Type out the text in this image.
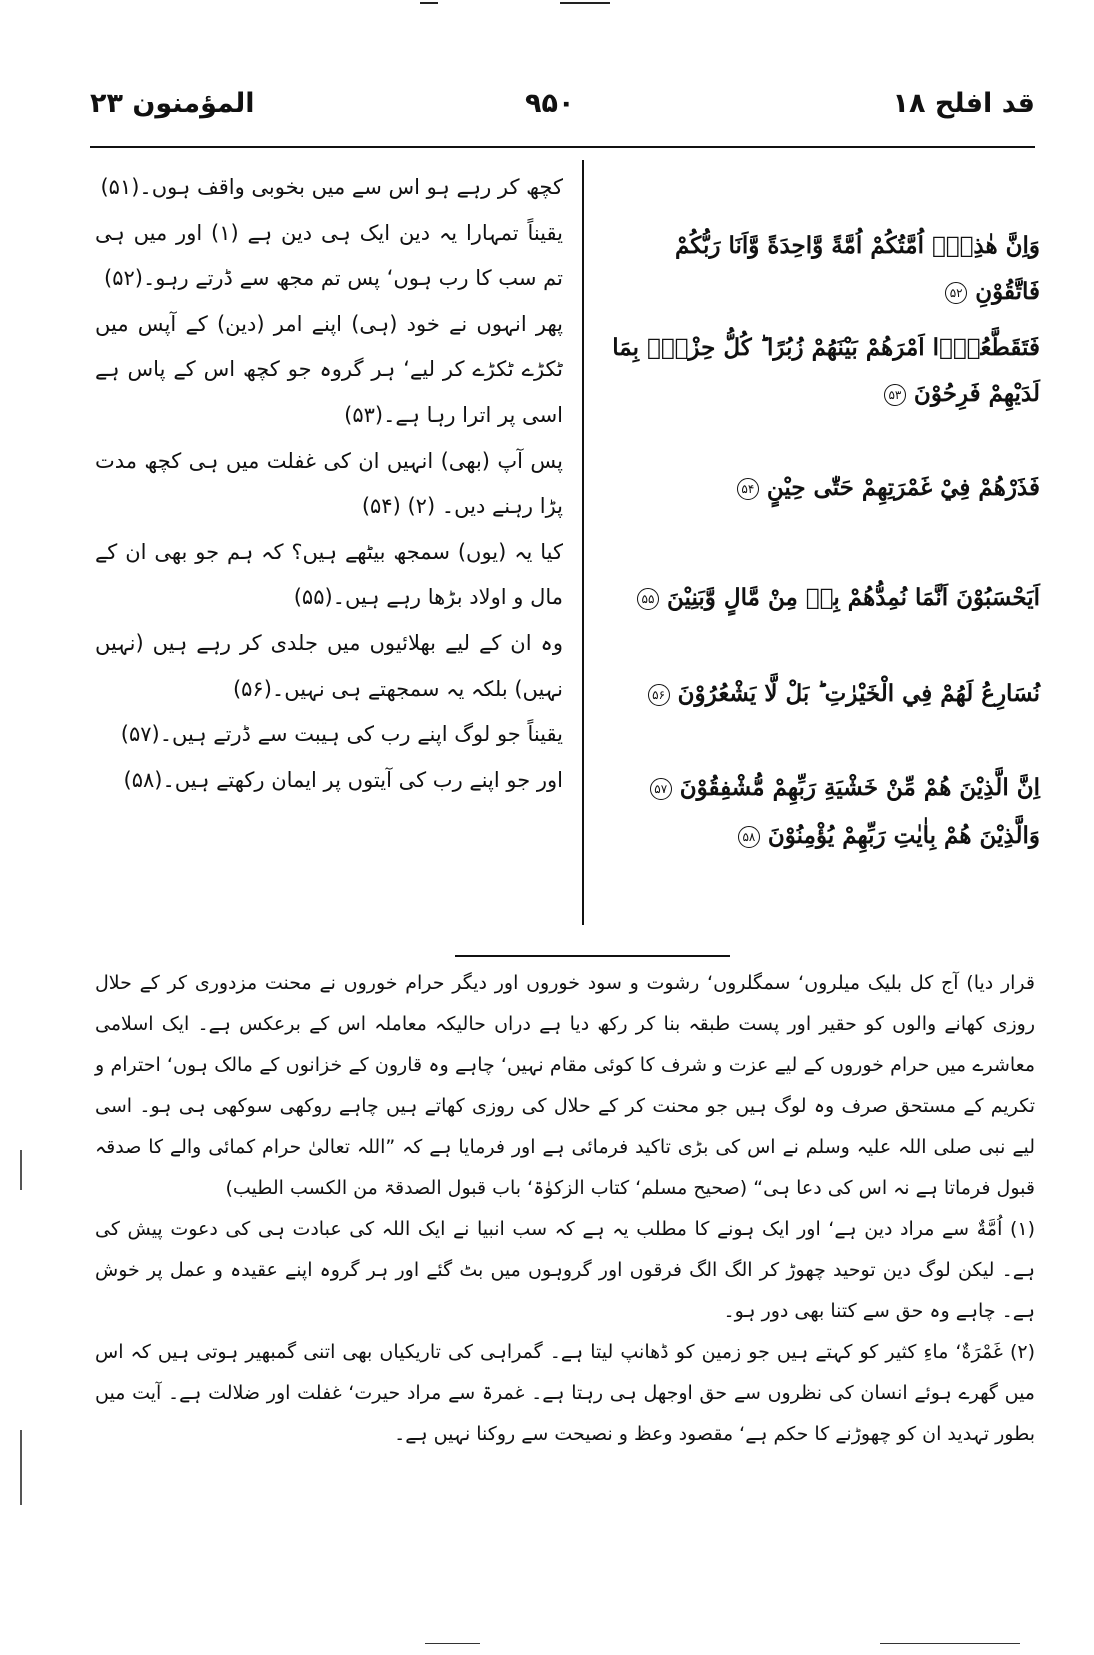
المؤمنون ۲۳	۹۵۰	قد افلح ۱۸

کچھ کر رہے ہو اس سے میں بخوبی واقف ہوں۔(۵۱)

یقیناً تمہارا یہ دین ایک ہی دین ہے (۱) اور میں ہی تم سب کا رب ہوں‘ پس تم مجھ سے ڈرتے رہو۔(۵۲)

پھر انہوں نے خود (ہی) اپنے امر (دین) کے آپس میں ٹکڑے ٹکڑے کر لیے‘ ہر گروہ جو کچھ اس کے پاس ہے اسی پر اترا رہا ہے۔(۵۳)

پس آپ (بھی) انہیں ان کی غفلت میں ہی کچھ مدت پڑا رہنے دیں۔ (۲) (۵۴)

کیا یہ (یوں) سمجھ بیٹھے ہیں؟ کہ ہم جو بھی ان کے مال و اولاد بڑھا رہے ہیں۔(۵۵)

وہ ان کے لیے بھلائیوں میں جلدی کر رہے ہیں (نہیں نہیں) بلکہ یہ سمجھتے ہی نہیں۔(۵۶)

یقیناً جو لوگ اپنے رب کی ہیبت سے ڈرتے ہیں۔(۵۷)

اور جو اپنے رب کی آیتوں پر ایمان رکھتے ہیں۔(۵۸)

وَاِنَّ هٰذِهٖۤ اُمَّتُكُمْ اُمَّةً وَّاحِدَةً وَّاَنَا رَبُّكُمْ فَاتَّقُوْنِ۵۲
فَتَقَطَّعُوْۤا اَمْرَهُمْ بَيْنَهُمْ زُبُرًا ؕ كُلُّ حِزْبٍۭ بِمَا لَدَيْهِمْ فَرِحُوْنَ۵۳
فَذَرْهُمْ فِيْ غَمْرَتِهِمْ حَتّٰى حِيْنٍ۵۴
اَيَحْسَبُوْنَ اَنَّمَا نُمِدُّهُمْ بِهٖ مِنْ مَّالٍ وَّبَنِيْنَ۵۵
نُسَارِعُ لَهُمْ فِي الْخَيْرٰتِ ؕ بَلْ لَّا يَشْعُرُوْنَ۵۶
اِنَّ الَّذِيْنَ هُمْ مِّنْ خَشْيَةِ رَبِّهِمْ مُّشْفِقُوْنَ۵۷
وَالَّذِيْنَ هُمْ بِاٰيٰتِ رَبِّهِمْ يُؤْمِنُوْنَ۵۸

قرار دیا) آج کل بلیک میلروں‘ سمگلروں‘ رشوت و سود خوروں اور دیگر حرام خوروں نے محنت مزدوری کر کے حلال روزی کھانے والوں کو حقیر اور پست طبقہ بنا کر رکھ دیا ہے دراں حالیکہ معاملہ اس کے برعکس ہے۔ ایک اسلامی معاشرے میں حرام خوروں کے لیے عزت و شرف کا کوئی مقام نہیں‘ چاہے وہ قارون کے خزانوں کے مالک ہوں‘ احترام و تکریم کے مستحق صرف وہ لوگ ہیں جو محنت کر کے حلال کی روزی کھاتے ہیں چاہے روکھی سوکھی ہی ہو۔ اسی لیے نبی صلی اللہ علیہ وسلم نے اس کی بڑی تاکید فرمائی ہے اور فرمایا ہے کہ ”اللہ تعالیٰ حرام کمائی والے کا صدقہ قبول فرماتا ہے نہ اس کی دعا ہی“ (صحیح مسلم‘ کتاب الزکوٰۃ‘ باب قبول الصدقۃ من الکسب الطیب)

(۱) اُمَّةٌ سے مراد دین ہے‘ اور ایک ہونے کا مطلب یہ ہے کہ سب انبیا نے ایک اللہ کی عبادت ہی کی دعوت پیش کی ہے۔ لیکن لوگ دین توحید چھوڑ کر الگ الگ فرقوں اور گروہوں میں بٹ گئے اور ہر گروہ اپنے عقیدہ و عمل پر خوش ہے۔ چاہے وہ حق سے کتنا بھی دور ہو۔

(۲) غَمْرَةٌ‘ ماءِ کثیر کو کہتے ہیں جو زمین کو ڈھانپ لیتا ہے۔ گمراہی کی تاریکیاں بھی اتنی گمبھیر ہوتی ہیں کہ اس میں گھرے ہوئے انسان کی نظروں سے حق اوجھل ہی رہتا ہے۔ غمرۃ سے مراد حیرت‘ غفلت اور ضلالت ہے۔ آیت میں بطور تہدید ان کو چھوڑنے کا حکم ہے‘ مقصود وعظ و نصیحت سے روکنا نہیں ہے۔
